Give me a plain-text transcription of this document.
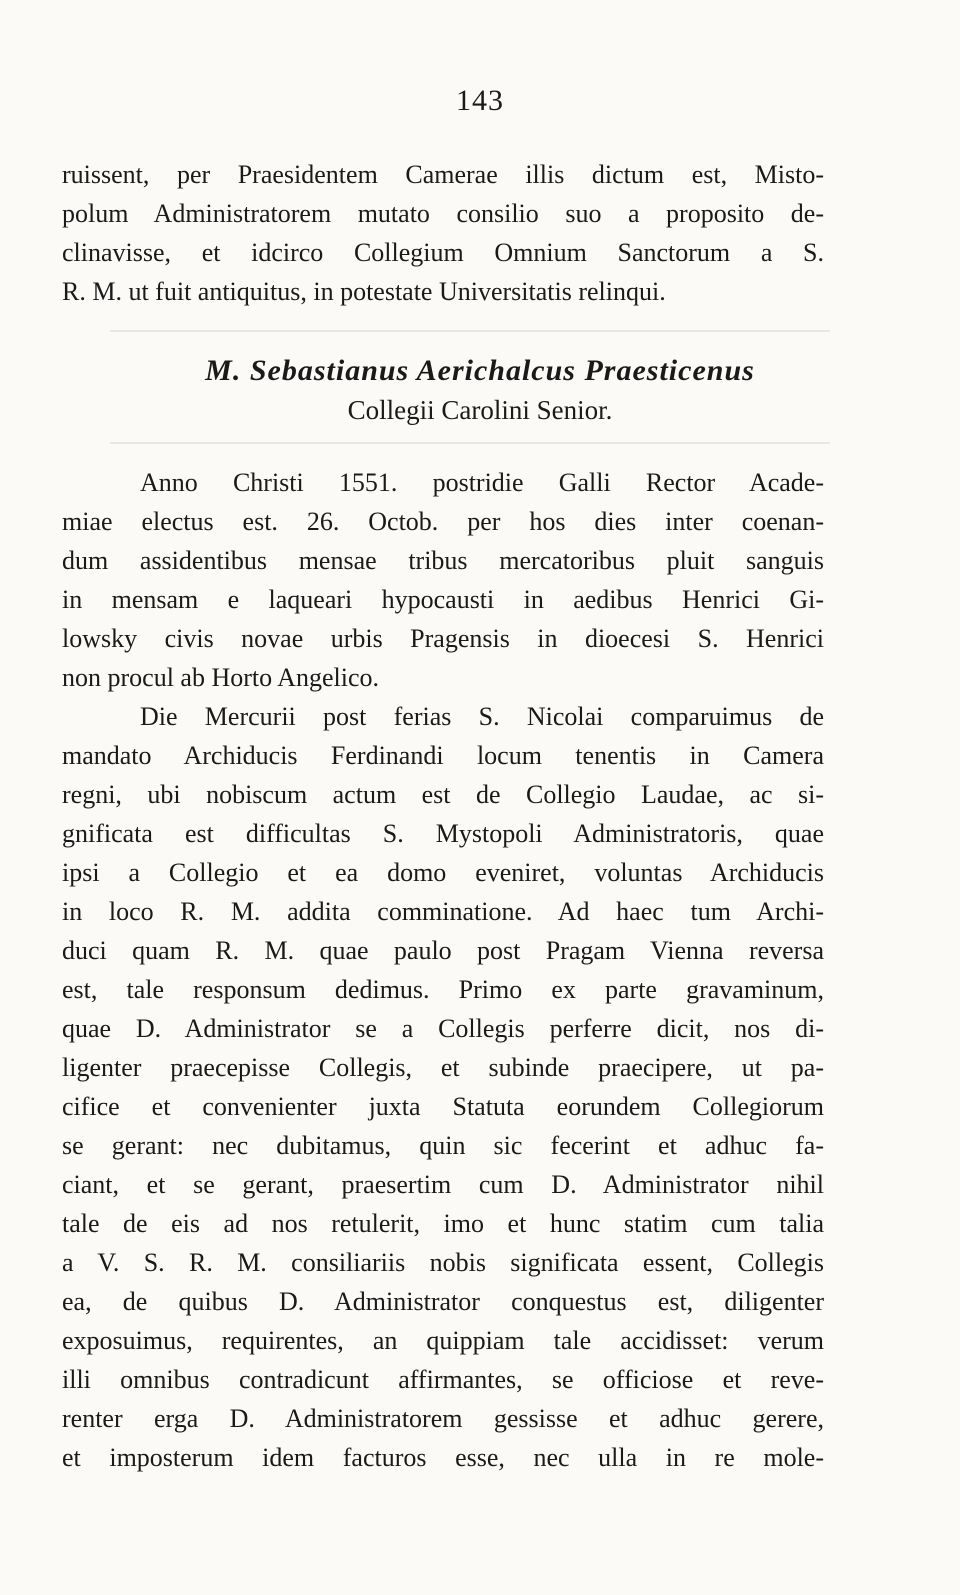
143
ruissent, per Praesidentem Camerae illis dictum est, Misto-
polum Administratorem mutato consilio suo a proposito de-
clinavisse, et idcirco Collegium Omnium Sanctorum a S.
R. M. ut fuit antiquitus, in potestate Universitatis relinqui.
M. Sebastianus Aerichalcus Praesticenus
Collegii Carolini Senior.
Anno Christi 1551. postridie Galli Rector Acade-
miae electus est. 26. Octob. per hos dies inter coenan-
dum assidentibus mensae tribus mercatoribus pluit sanguis
in mensam e laqueari hypocausti in aedibus Henrici Gi-
lowsky civis novae urbis Pragensis in dioecesi S. Henrici
non procul ab Horto Angelico.
Die Mercurii post ferias S. Nicolai comparuimus de
mandato Archiducis Ferdinandi locum tenentis in Camera
regni, ubi nobiscum actum est de Collegio Laudae, ac si-
gnificata est difficultas S. Mystopoli Administratoris, quae
ipsi a Collegio et ea domo eveniret, voluntas Archiducis
in loco R. M. addita comminatione. Ad haec tum Archi-
duci quam R. M. quae paulo post Pragam Vienna reversa
est, tale responsum dedimus. Primo ex parte gravaminum,
quae D. Administrator se a Collegis perferre dicit, nos di-
ligenter praecepisse Collegis, et subinde praecipere, ut pa-
cifice et convenienter juxta Statuta eorundem Collegiorum
se gerant: nec dubitamus, quin sic fecerint et adhuc fa-
ciant, et se gerant, praesertim cum D. Administrator nihil
tale de eis ad nos retulerit, imo et hunc statim cum talia
a V. S. R. M. consiliariis nobis significata essent, Collegis
ea, de quibus D. Administrator conquestus est, diligenter
exposuimus, requirentes, an quippiam tale accidisset: verum
illi omnibus contradicunt affirmantes, se officiose et reve-
renter erga D. Administratorem gessisse et adhuc gerere,
et imposterum idem facturos esse, nec ulla in re mole-
